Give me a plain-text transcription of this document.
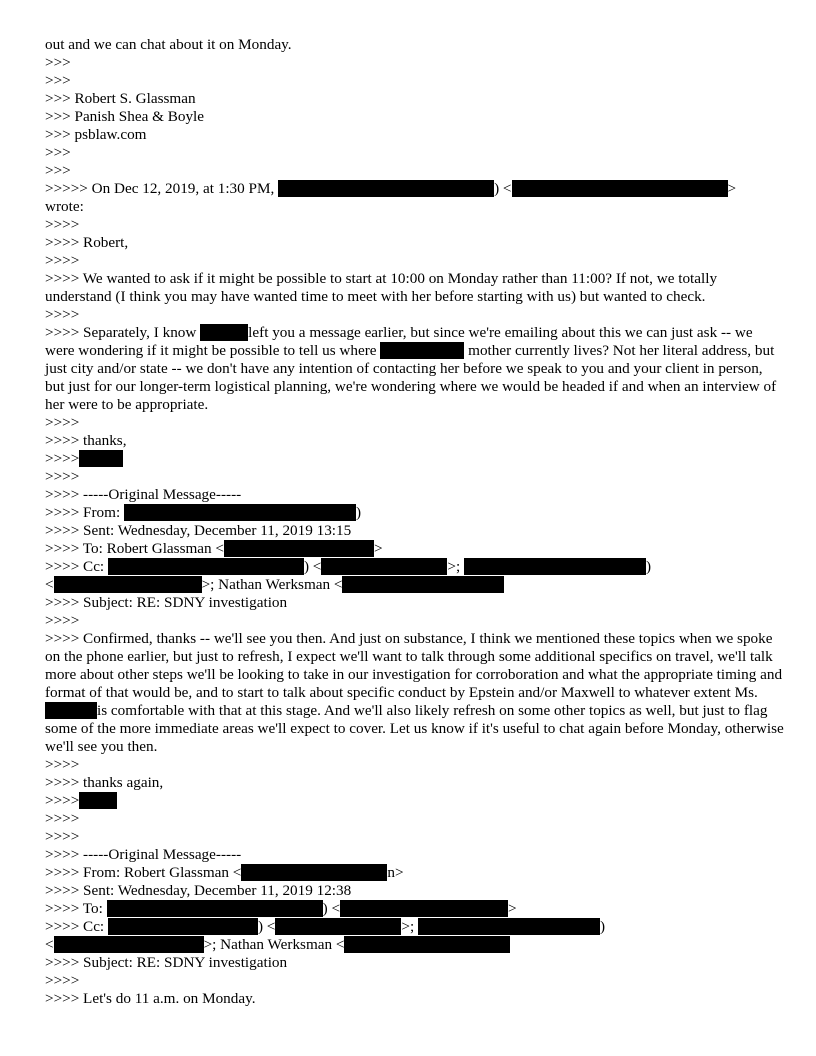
out and we can chat about it on Monday.
>>>
>>>
>>> Robert S. Glassman
>>> Panish Shea & Boyle
>>> psblaw.com
>>>
>>>
>>>>> On Dec 12, 2019, at 1:30 PM,	) <	>
wrote:
>>>>
>>>> Robert,
>>>>
>>>> We wanted to ask if it might be possible to start at 10:00 on Monday rather than 11:00? If not, we totally understand (I think you may have wanted time to meet with her before starting with us) but wanted to check.
>>>>
>>>> Separately, I know	left you a message earlier, but since we're emailing about this we can just ask -- we were wondering if it might be possible to tell us where	mother currently lives? Not her literal address, but just city and/or state -- we don't have any intention of contacting her before we speak to you and your client in person, but just for our longer-term logistical planning, we're wondering where we would be headed if and when an interview of her were to be appropriate.
>>>>
>>>> thanks,
>>>>
>>>>
>>>> -----Original Message-----
>>>> From:	)
>>>> Sent: Wednesday, December 11, 2019 13:15
>>>> To: Robert Glassman <	>
>>>> Cc:	) <	>;	)
<	>; Nathan Werksman <
>>>> Subject: RE: SDNY investigation
>>>>
>>>> Confirmed, thanks -- we'll see you then. And just on substance, I think we mentioned these topics when we spoke on the phone earlier, but just to refresh, I expect we'll want to talk through some additional specifics on travel, we'll talk more about other steps we'll be looking to take in our investigation for corroboration and what the appropriate timing and format of that would be, and to start to talk about specific conduct by Epstein and/or Maxwell to whatever extent Ms.is comfortable with that at this stage. And we'll also likely refresh on some other topics as well, but just to flag some of the more immediate areas we'll expect to cover. Let us know if it's useful to chat again before Monday, otherwise we'll see you then.
>>>>
>>>> thanks again,
>>>>
>>>>
>>>>
>>>> -----Original Message-----
>>>> From: Robert Glassman <	n>
>>>> Sent: Wednesday, December 11, 2019 12:38
>>>> To:	) <	>
>>>> Cc:	) <	>;	)
<	>; Nathan Werksman <
>>>> Subject: RE: SDNY investigation
>>>>
>>>> Let's do 11 a.m. on Monday.
